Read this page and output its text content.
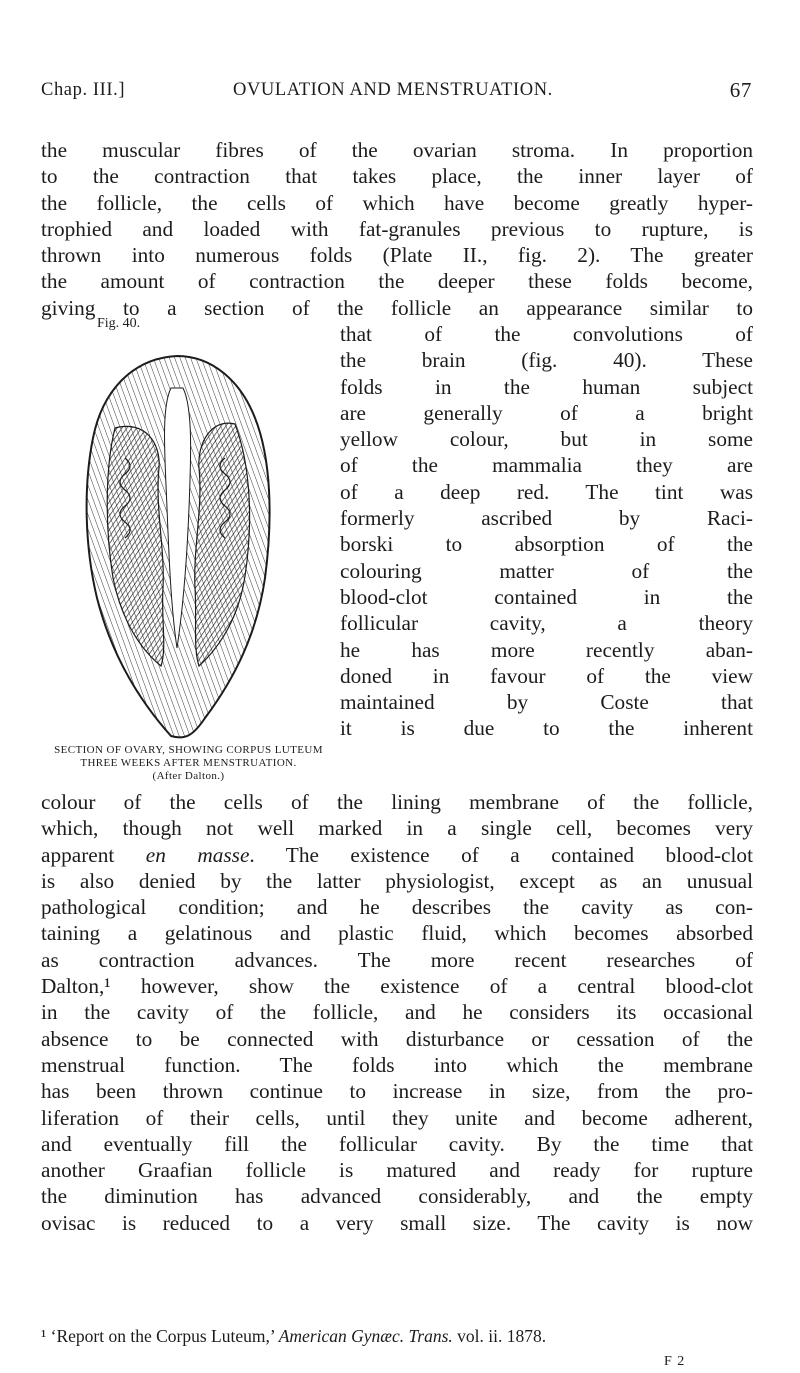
Chap. III.]	OVULATION AND MENSTRUATION.	67
the muscular fibres of the ovarian stroma. In proportion
to the contraction that takes place, the inner layer of
the follicle, the cells of which have become greatly hyper-
trophied and loaded with fat-granules previous to rupture, is
thrown into numerous folds (Plate II., fig. 2). The greater
the amount of contraction the deeper these folds become,
giving to a section of the follicle an appearance similar to
Fig. 40.
SECTION OF OVARY, SHOWING CORPUS LUTEUM
THREE WEEKS AFTER MENSTRUATION.
(After Dalton.)
that of the convolutions of
the brain (fig. 40). These
folds in the human subject
are generally of a bright
yellow colour, but in some
of the mammalia they are
of a deep red. The tint was
formerly ascribed by Raci-
borski to absorption of the
colouring matter of the
blood-clot contained in the
follicular cavity, a theory
he has more recently aban-
doned in favour of the view
maintained by Coste that
it is due to the inherent
colour of the cells of the lining membrane of the follicle,
which, though not well marked in a single cell, becomes very
apparent en masse. The existence of a contained blood-clot
is also denied by the latter physiologist, except as an unusual
pathological condition; and he describes the cavity as con-
taining a gelatinous and plastic fluid, which becomes absorbed
as contraction advances. The more recent researches of
Dalton,¹ however, show the existence of a central blood-clot
in the cavity of the follicle, and he considers its occasional
absence to be connected with disturbance or cessation of the
menstrual function. The folds into which the membrane
has been thrown continue to increase in size, from the pro-
liferation of their cells, until they unite and become adherent,
and eventually fill the follicular cavity. By the time that
another Graafian follicle is matured and ready for rupture
the diminution has advanced considerably, and the empty
ovisac is reduced to a very small size. The cavity is now
¹ ‘Report on the Corpus Luteum,’ American Gynæc. Trans. vol. ii. 1878.
F 2
